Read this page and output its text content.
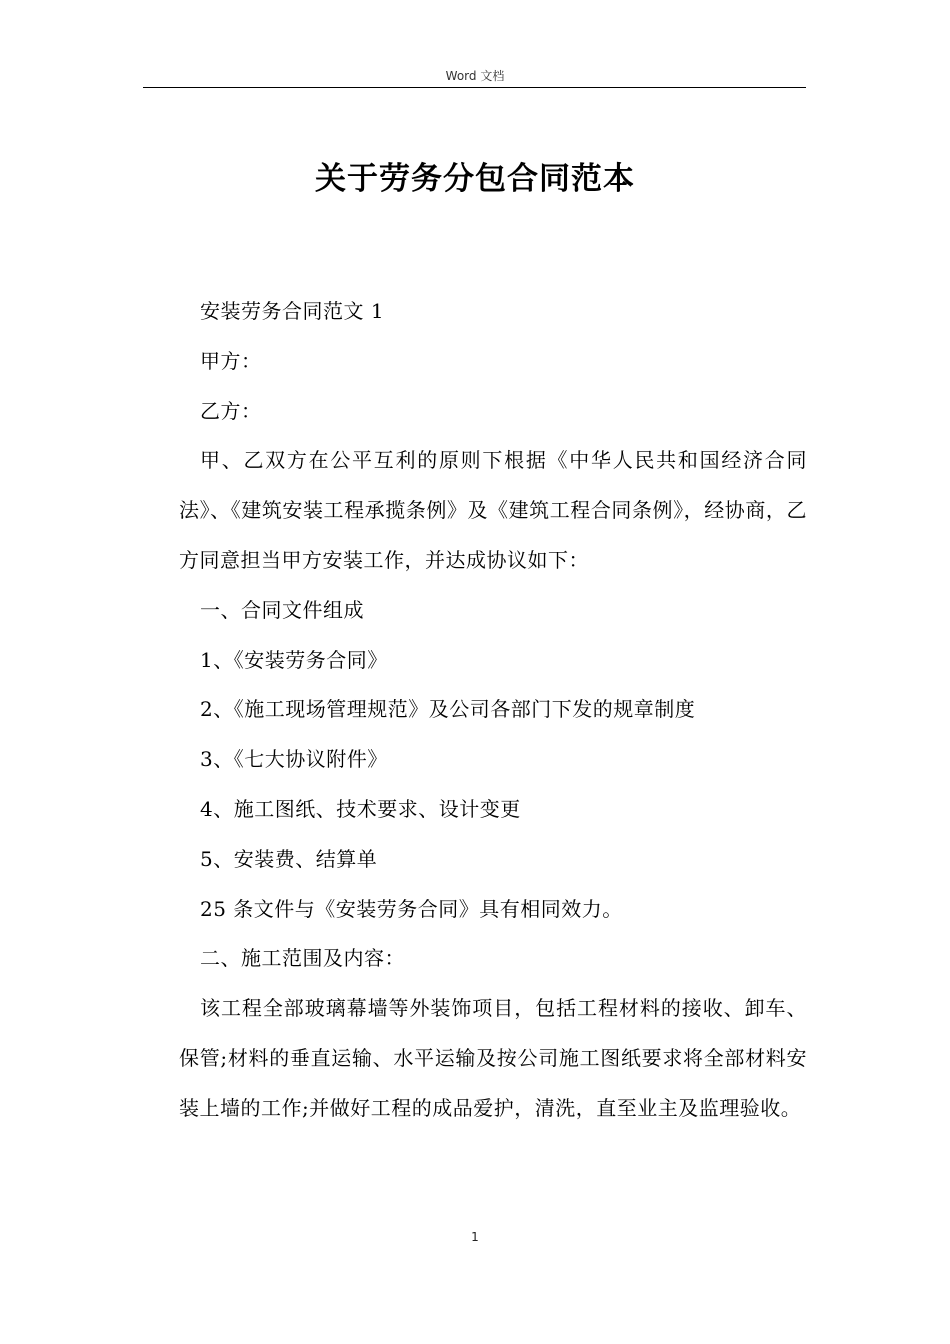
Word 文档
关于劳务分包合同范本

安装劳务合同范文 1

甲方：

乙方：

甲、乙双方在公平互利的原则下根据《中华人民共和国经济合同法》、《建筑安装工程承揽条例》及《建筑工程合同条例》，经协商，乙方同意担当甲方安装工作，并达成协议如下：

一、合同文件组成

1、《安装劳务合同》

2、《施工现场管理规范》及公司各部门下发的规章制度

3、《七大协议附件》

4、施工图纸、技术要求、设计变更

5、安装费、结算单

25 条文件与《安装劳务合同》具有相同效力。

二、施工范围及内容：

该工程全部玻璃幕墙等外装饰项目，包括工程材料的接收、卸车、保管;材料的垂直运输、水平运输及按公司施工图纸要求将全部材料安装上墙的工作;并做好工程的成品爱护，清洗，直至业主及监理验收。

1
